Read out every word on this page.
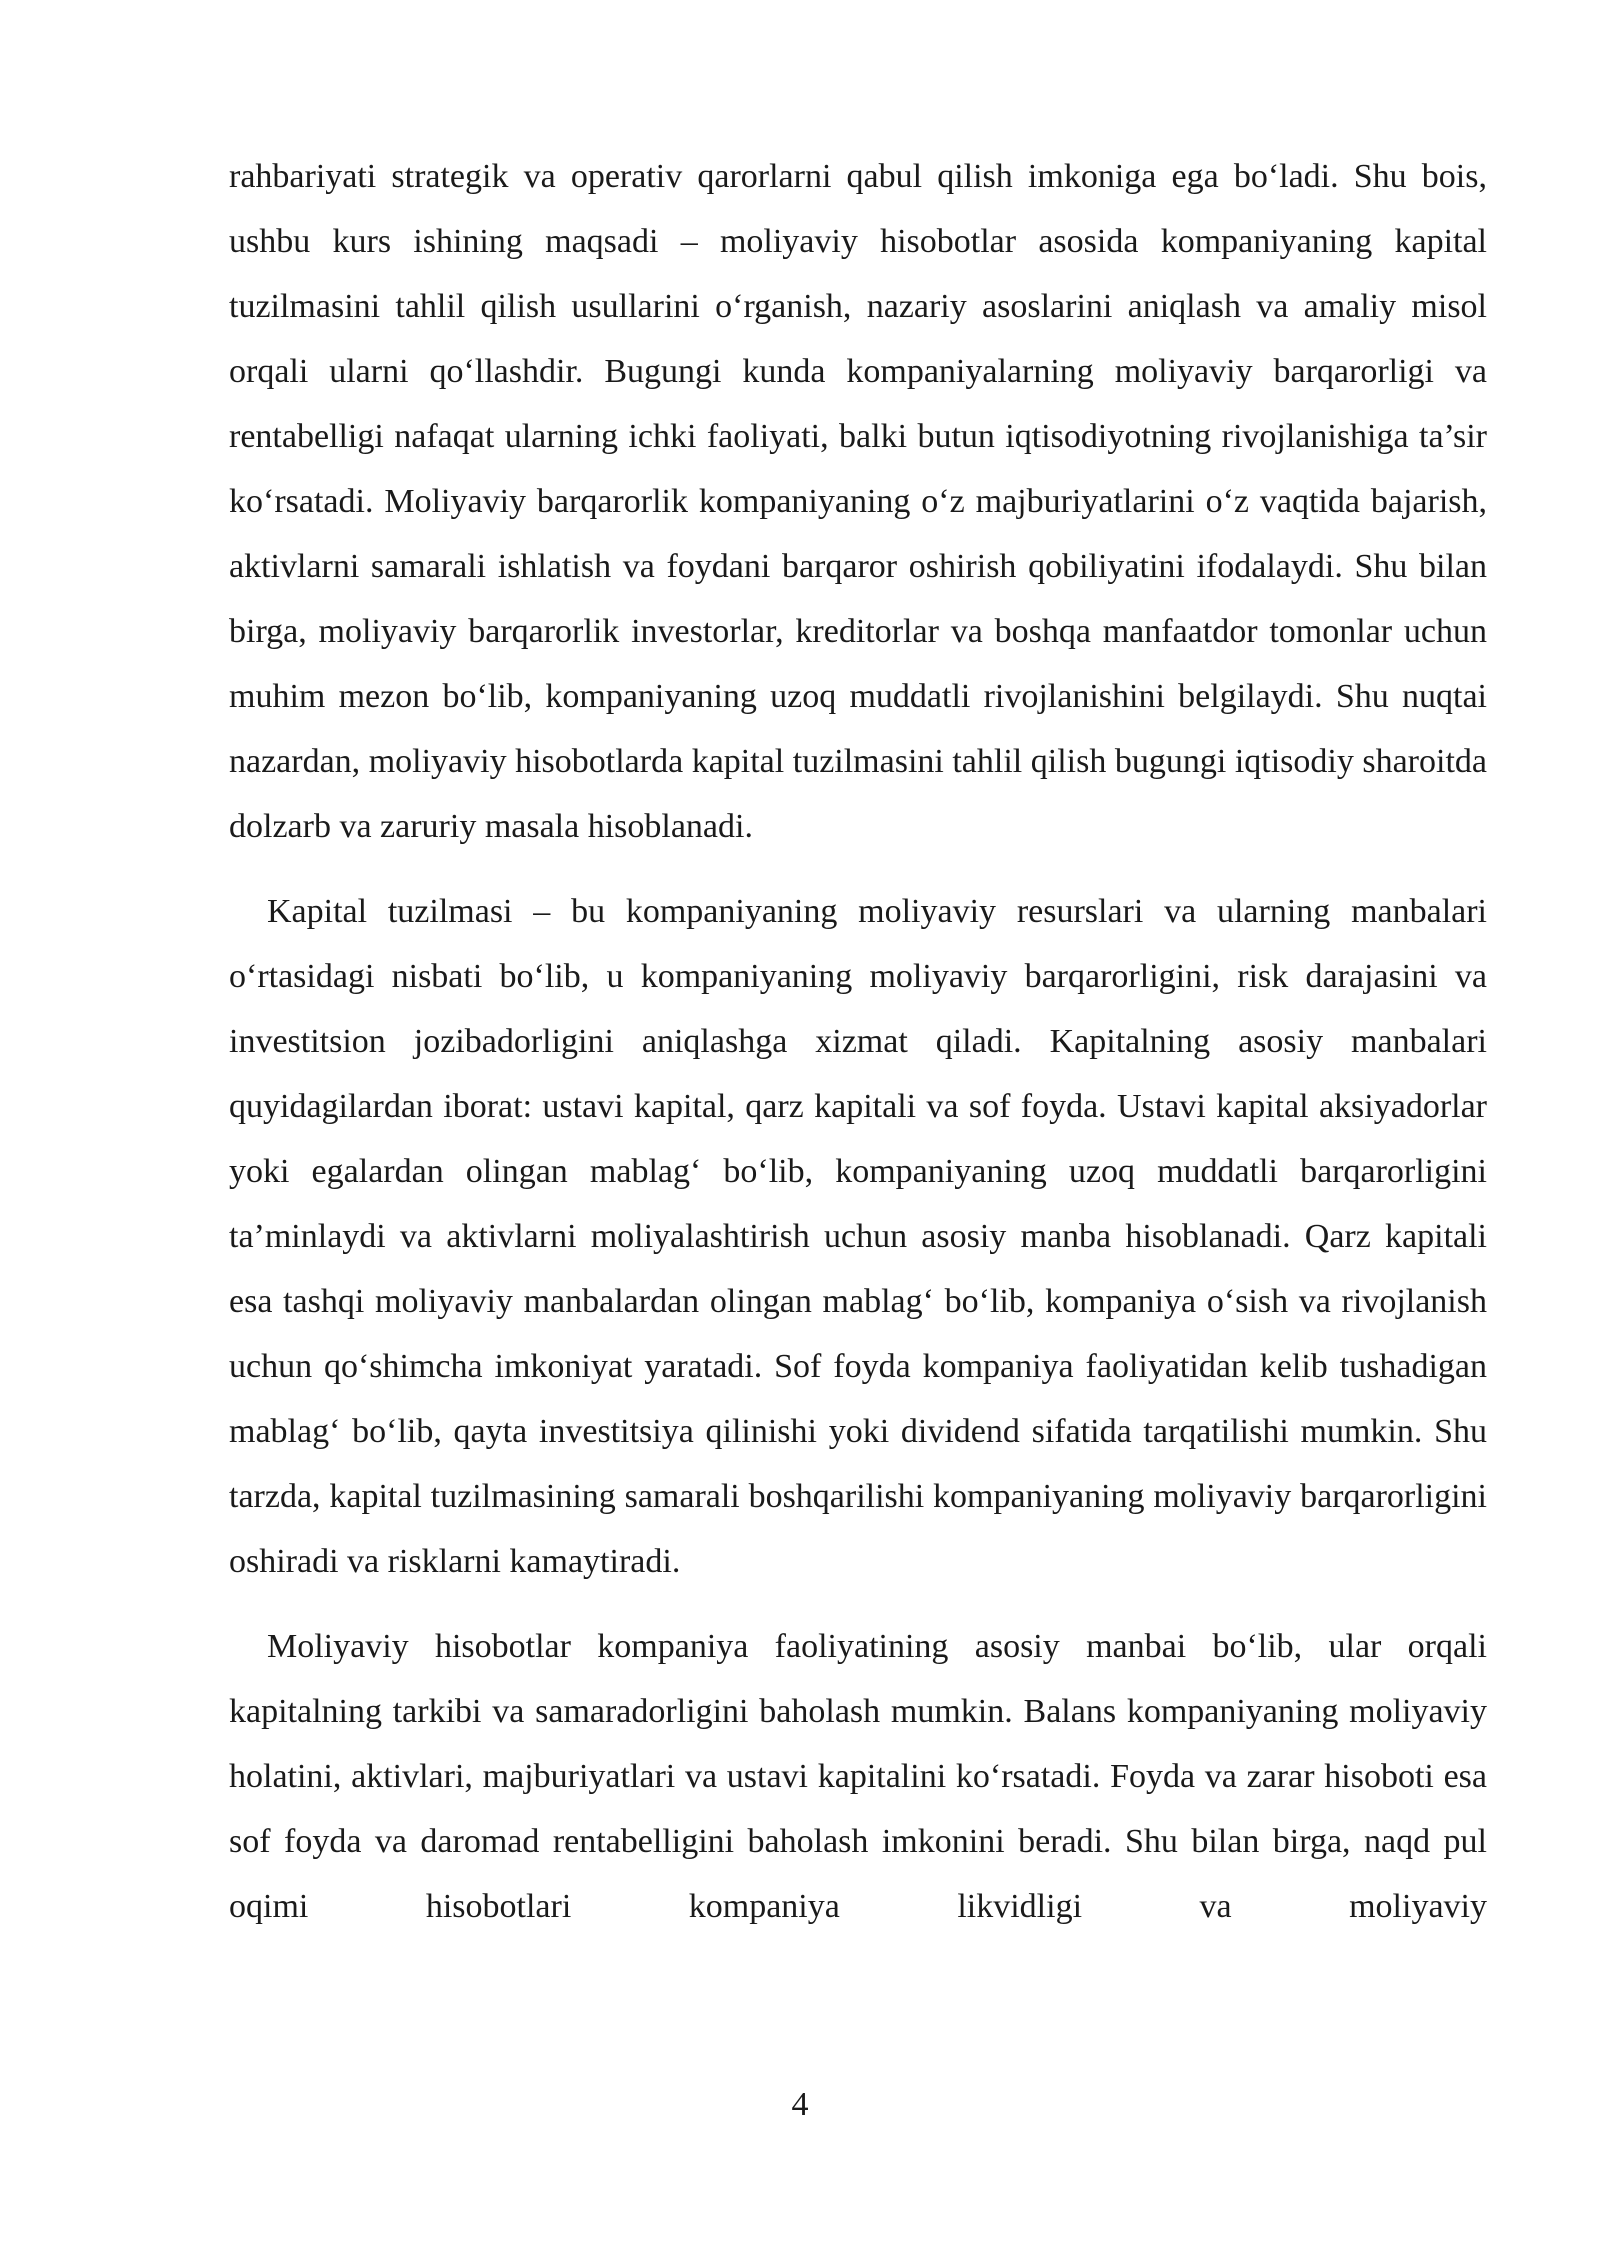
rahbariyati strategik va operativ qarorlarni qabul qilish imkoniga ega bo‘ladi. Shu bois, ushbu kurs ishining maqsadi – moliyaviy hisobotlar asosida kompaniyaning kapital tuzilmasini tahlil qilish usullarini o‘rganish, nazariy asoslarini aniqlash va amaliy misol orqali ularni qo‘llashdir. Bugungi kunda kompaniyalarning moliyaviy barqarorligi va rentabelligi nafaqat ularning ichki faoliyati, balki butun iqtisodiyotning rivojlanishiga ta’sir ko‘rsatadi. Moliyaviy barqarorlik kompaniyaning o‘z majburiyatlarini o‘z vaqtida bajarish, aktivlarni samarali ishlatish va foydani barqaror oshirish qobiliyatini ifodalaydi. Shu bilan birga, moliyaviy barqarorlik investorlar, kreditorlar va boshqa manfaatdor tomonlar uchun muhim mezon bo‘lib, kompaniyaning uzoq muddatli rivojlanishini belgilaydi. Shu nuqtai nazardan, moliyaviy hisobotlarda kapital tuzilmasini tahlil qilish bugungi iqtisodiy sharoitda dolzarb va zaruriy masala hisoblanadi.

Kapital tuzilmasi – bu kompaniyaning moliyaviy resurslari va ularning manbalari o‘rtasidagi nisbati bo‘lib, u kompaniyaning moliyaviy barqarorligini, risk darajasini va investitsion jozibadorligini aniqlashga xizmat qiladi. Kapitalning asosiy manbalari quyidagilardan iborat: ustavi kapital, qarz kapitali va sof foyda. Ustavi kapital aksiyadorlar yoki egalardan olingan mablag‘ bo‘lib, kompaniyaning uzoq muddatli barqarorligini ta’minlaydi va aktivlarni moliyalashtirish uchun asosiy manba hisoblanadi. Qarz kapitali esa tashqi moliyaviy manbalardan olingan mablag‘ bo‘lib, kompaniya o‘sish va rivojlanish uchun qo‘shimcha imkoniyat yaratadi. Sof foyda kompaniya faoliyatidan kelib tushadigan mablag‘ bo‘lib, qayta investitsiya qilinishi yoki dividend sifatida tarqatilishi mumkin. Shu tarzda, kapital tuzilmasining samarali boshqarilishi kompaniyaning moliyaviy barqarorligini oshiradi va risklarni kamaytiradi.

Moliyaviy hisobotlar kompaniya faoliyatining asosiy manbai bo‘lib, ular orqali kapitalning tarkibi va samaradorligini baholash mumkin. Balans kompaniyaning moliyaviy holatini, aktivlari, majburiyatlari va ustavi kapitalini ko‘rsatadi. Foyda va zarar hisoboti esa sof foyda va daromad rentabelligini baholash imkonini beradi. Shu bilan birga, naqd pul oqimi hisobotlari kompaniya likvidligi va moliyaviy

4
